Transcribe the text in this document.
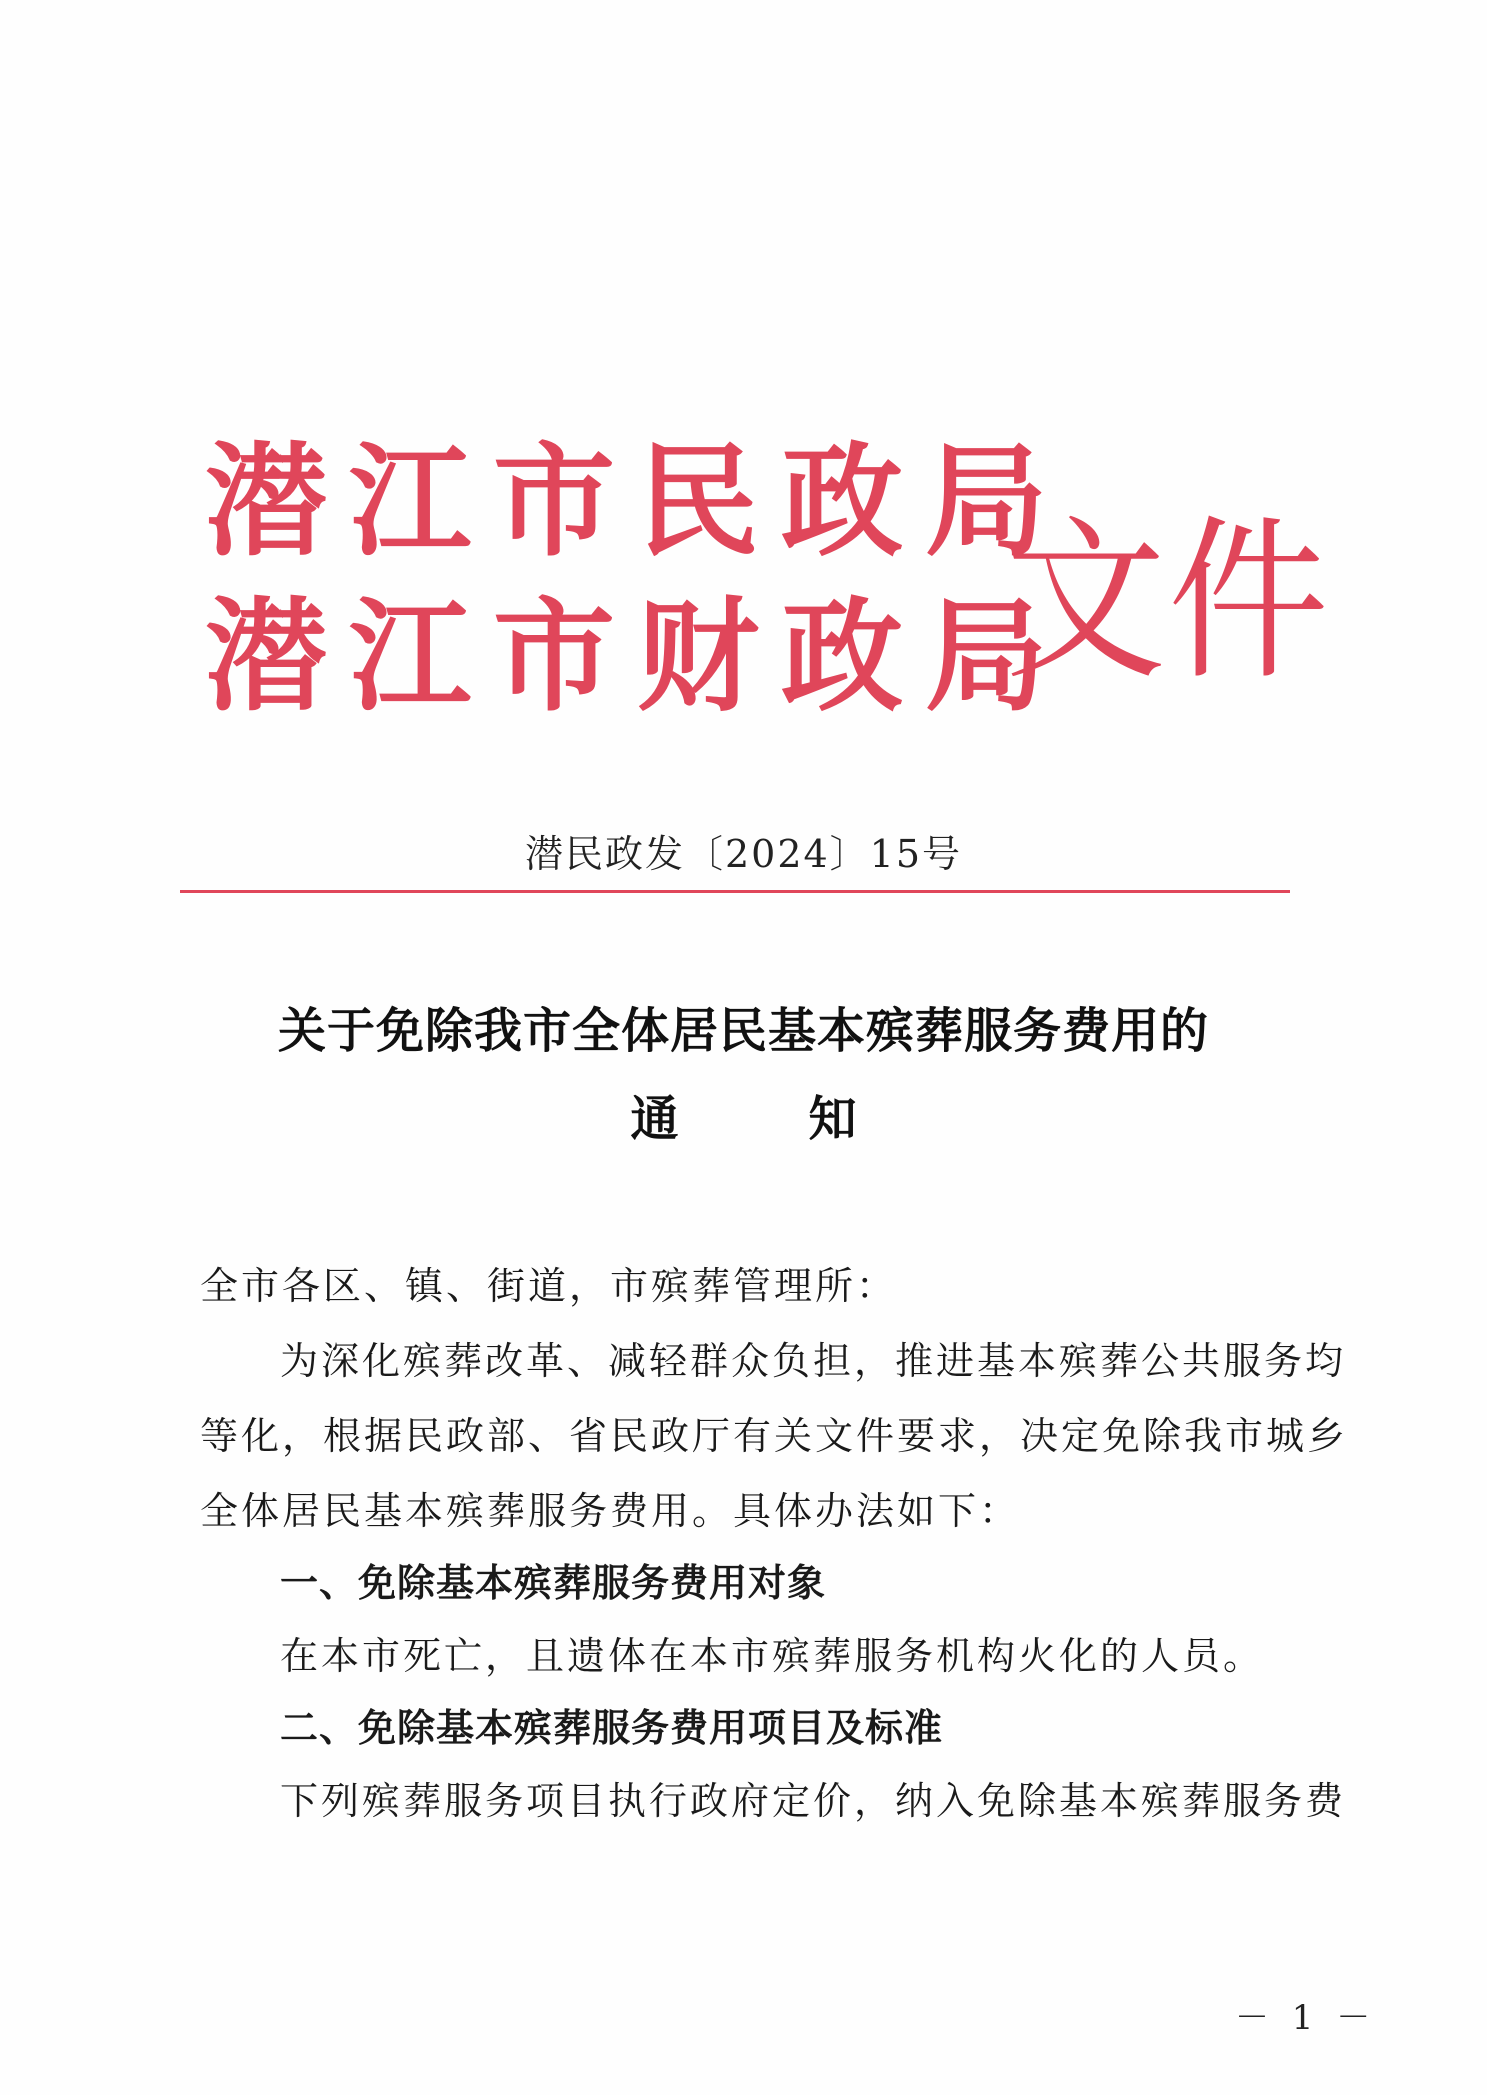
潜江市民政局
潜江市财政局
文件
潜民政发〔2024〕15号
关于免除我市全体居民基本殡葬服务费用的
通知
全市各区、镇、街道，市殡葬管理所：
为深化殡葬改革、减轻群众负担，推进基本殡葬公共服务均
等化，根据民政部、省民政厅有关文件要求，决定免除我市城乡
全体居民基本殡葬服务费用。具体办法如下：
一、免除基本殡葬服务费用对象
在本市死亡，且遗体在本市殡葬服务机构火化的人员。
二、免除基本殡葬服务费用项目及标准
下列殡葬服务项目执行政府定价，纳入免除基本殡葬服务费
－ 1 －
